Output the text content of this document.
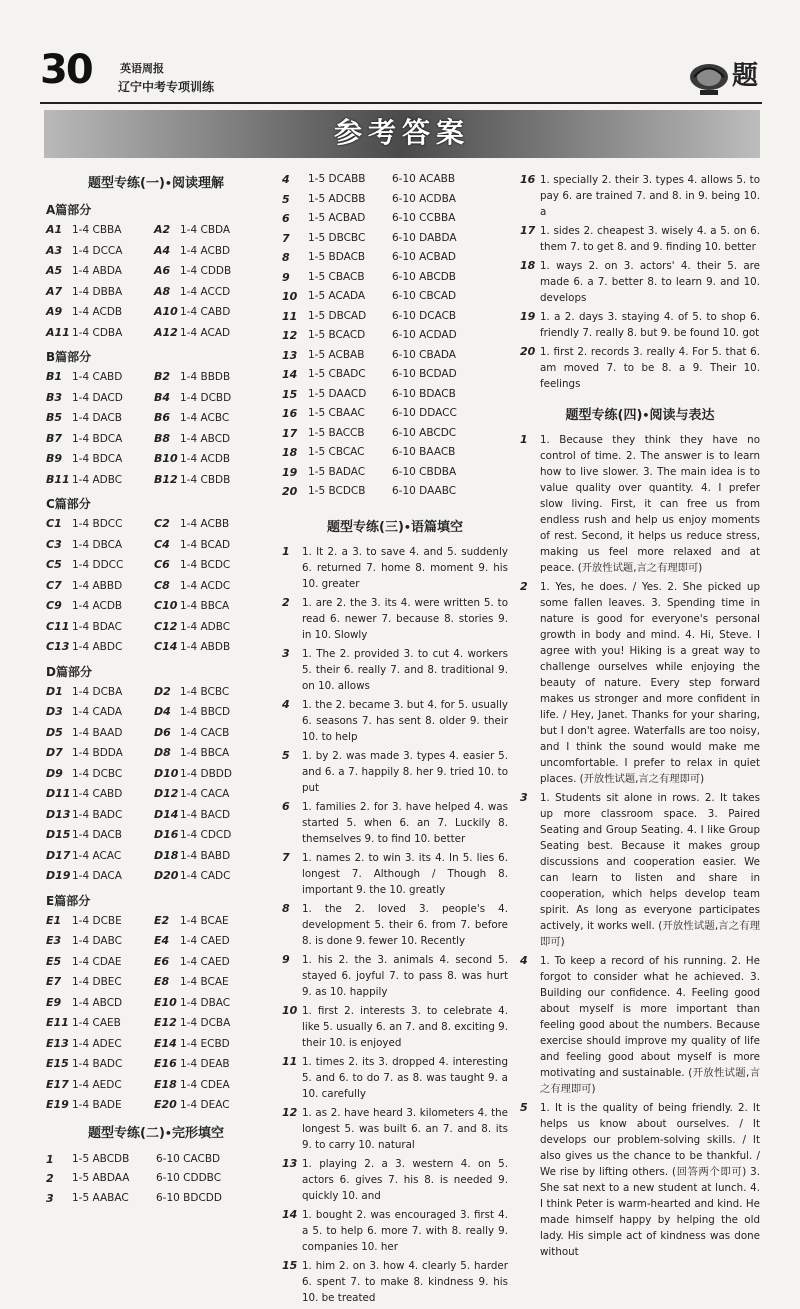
30	英语周报
辽宁中考专项训练	题
参考答案
题型专练(一)•阅读理解
A篇部分
A1 1-4 CBBA	A2 1-4 CBDA
A3 1-4 DCCA	A4 1-4 ACBD
A5 1-4 ABDA	A6 1-4 CDDB
A7 1-4 DBBA	A8 1-4 ACCD
A9 1-4 ACDB	A10 1-4 CABD
A11 1-4 CDBA	A12 1-4 ACAD
B篇部分
B1 1-4 CABD	B2 1-4 BBDB
B3 1-4 DACD	B4 1-4 DCBD
B5 1-4 DACB	B6 1-4 ACBC
B7 1-4 BDCA	B8 1-4 ABCD
B9 1-4 BDCA	B10 1-4 ACDB
B11 1-4 ADBC	B12 1-4 CBDB
C篇部分
C1 1-4 BDCC	C2 1-4 ACBB
C3 1-4 DBCA	C4 1-4 BCAD
C5 1-4 DDCC	C6 1-4 BCDC
C7 1-4 ABBD	C8 1-4 ACDC
C9 1-4 ACDB	C10 1-4 BBCA
C11 1-4 BDAC	C12 1-4 ADBC
C13 1-4 ABDC	C14 1-4 ABDB
D篇部分
D1 1-4 DCBA	D2 1-4 BCBC
D3 1-4 CADA	D4 1-4 BBCD
D5 1-4 BAAD	D6 1-4 CACB
D7 1-4 BDDA	D8 1-4 BBCA
D9 1-4 DCBC	D10 1-4 DBDD
D11 1-4 CABD	D12 1-4 CACA
D13 1-4 BADC	D14 1-4 BACD
D15 1-4 DACB	D16 1-4 CDCD
D17 1-4 ACAC	D18 1-4 BABD
D19 1-4 DACA	D20 1-4 CADC
E篇部分
E1 1-4 DCBE	E2 1-4 BCAE
E3 1-4 DABC	E4 1-4 CAED
E5 1-4 CDAE	E6 1-4 CAED
E7 1-4 DBEC	E8 1-4 BCAE
E9 1-4 ABCD	E10 1-4 DBAC
E11 1-4 CAEB	E12 1-4 DCBA
E13 1-4 ADEC	E14 1-4 ECBD
E15 1-4 BADC	E16 1-4 DEAB
E17 1-4 AEDC	E18 1-4 CDEA
E19 1-4 BADE	E20 1-4 DEAC
题型专练(二)•完形填空
1	1-5 ABCDB	6-10 CACBD
2	1-5 ABDAA	6-10 CDDBC
3	1-5 AABAC	6-10 BDCDD
4	1-5 DCABB	6-10 ACABB
5	1-5 ADCBB	6-10 ACDBA
6	1-5 ACBAD	6-10 CCBBA
7	1-5 DBCBC	6-10 DABDA
8	1-5 BDACB	6-10 ACBAD
9	1-5 CBACB	6-10 ABCDB
10	1-5 ACADA	6-10 CBCAD
11	1-5 DBCAD	6-10 DCACB
12	1-5 BCACD	6-10 ACDAD
13	1-5 ACBAB	6-10 CBADA
14	1-5 CBADC	6-10 BCDAD
15	1-5 DAACD	6-10 BDACB
16	1-5 CBAAC	6-10 DDACC
17	1-5 BACCB	6-10 ABCDC
18	1-5 CBCAC	6-10 BAACB
19	1-5 BADAC	6-10 CBDBA
20	1-5 BCDCB	6-10 DAABC
题型专练(三)•语篇填空
1	1. It 2. a 3. to save 4. and 5. suddenly 6. returned 7. home 8. moment 9. his 10. greater
2	1. are 2. the 3. its 4. were written 5. to read 6. newer 7. because 8. stories 9. in 10. Slowly
3	1. The 2. provided 3. to cut 4. workers 5. their 6. really 7. and 8. traditional 9. on 10. allows
4	1. the 2. became 3. but 4. for 5. usually 6. seasons 7. has sent 8. older 9. their 10. to help
5	1. by 2. was made 3. types 4. easier 5. and 6. a 7. happily 8. her 9. tried 10. to put
6	1. families 2. for 3. have helped 4. was started 5. when 6. an 7. Luckily 8. themselves 9. to find 10. better
7	1. names 2. to win 3. its 4. In 5. lies 6. longest 7. Although / Though 8. important 9. the 10. greatly
8	1. the 2. loved 3. people's 4. development 5. their 6. from 7. before 8. is done 9. fewer 10. Recently
9	1. his 2. the 3. animals 4. second 5. stayed 6. joyful 7. to pass 8. was hurt 9. as 10. happily
10 1. first 2. interests 3. to celebrate 4. like 5. usually 6. an 7. and 8. exciting 9. their 10. is enjoyed
11 1. times 2. its 3. dropped 4. interesting 5. and 6. to do 7. as 8. was taught 9. a 10. carefully
12 1. as 2. have heard 3. kilometers 4. the longest 5. was built 6. an 7. and 8. its 9. to carry 10. natural
13 1. playing 2. a 3. western 4. on 5. actors 6. gives 7. his 8. is needed 9. quickly 10. and
14 1. bought 2. was encouraged 3. first 4. a 5. to help 6. more 7. with 8. really 9. companies 10. her
15 1. him 2. on 3. how 4. clearly 5. harder 6. spent 7. to make 8. kindness 9. his 10. be treated
16 1. specially 2. their 3. types 4. allows 5. to pay 6. are trained 7. and 8. in 9. being 10. a
17 1. sides 2. cheapest 3. wisely 4. a 5. on 6. them 7. to get 8. and 9. finding 10. better
18 1. ways 2. on 3. actors' 4. their 5. are made 6. a 7. better 8. to learn 9. and 10. develops
19 1. a 2. days 3. staying 4. of 5. to shop 6. friendly 7. really 8. but 9. be found 10. got
20 1. first 2. records 3. really 4. For 5. that 6. am moved 7. to be 8. a 9. Their 10. feelings
题型专练(四)•阅读与表达
1	1. Because they think they have no control of time. 2. The answer is to learn how to live slower. 3. The main idea is to value quality over quantity. 4. I prefer slow living. First, it can free us from endless rush and help us enjoy moments of rest. Second, it helps us reduce stress, making us feel more relaxed and at peace. (开放性试题,言之有理即可)
2	1. Yes, he does. / Yes. 2. She picked up some fallen leaves. 3. Spending time in nature is good for everyone's personal growth in body and mind. 4. Hi, Steve. I agree with you! Hiking is a great way to challenge ourselves while enjoying the beauty of nature. Every step forward makes us stronger and more confident in life. / Hey, Janet. Thanks for your sharing, but I don't agree. Waterfalls are too noisy, and I think the sound would make me uncomfortable. I prefer to relax in quiet places. (开放性试题,言之有理即可)
3	1. Students sit alone in rows. 2. It takes up more classroom space. 3. Paired Seating and Group Seating. 4. I like Group Seating best. Because it makes group discussions and cooperation easier. We can learn to listen and share in cooperation, which helps develop team spirit. As long as everyone participates actively, it works well. (开放性试题,言之有理即可)
4	1. To keep a record of his running. 2. He forgot to consider what he achieved. 3. Building our confidence. 4. Feeling good about myself is more important than feeling good about the numbers. Because exercise should improve my quality of life and feeling good about myself is more motivating and sustainable. (开放性试题,言之有理即可)
5	1. It is the quality of being friendly. 2. It helps us know about ourselves. / It develops our problem-solving skills. / It also gives us the chance to be thankful. / We rise by lifting others. (回答两个即可) 3. She sat next to a new student at lunch. 4. I think Peter is warm-hearted and kind. He made himself happy by helping the old lady. His simple act of kindness was done without
